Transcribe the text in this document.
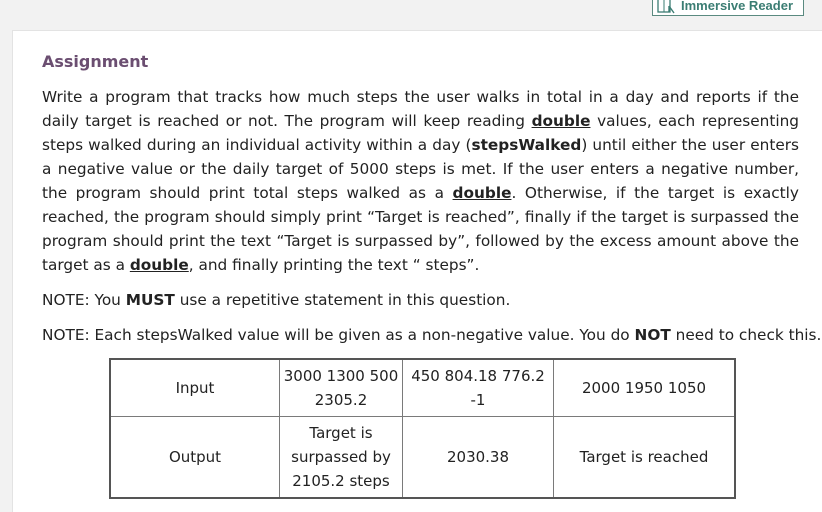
Immersive Reader
Assignment

Write a program that tracks how much steps the user walks in total in a day and reports if the daily target is reached or not. The program will keep reading double values, each representing steps walked during an individual activity within a day (stepsWalked) until either the user enters a negative value or the daily target of 5000 steps is met. If the user enters a negative number, the program should print total steps walked as a double. Otherwise, if the target is exactly reached, the program should simply print “Target is reached”, finally if the target is surpassed the program should print the text “Target is surpassed by”, followed by the excess amount above the target as a double, and finally printing the text “ steps”.

NOTE: You MUST use a repetitive statement in this question.
NOTE: Each stepsWalked value will be given as a non-negative value. You do NOT need to check this.
Input	3000 1300 500 2305.2	450 804.18 776.2 -1	2000 1950 1050
Output	Target is surpassed by 2105.2 steps	2030.38	Target is reached
